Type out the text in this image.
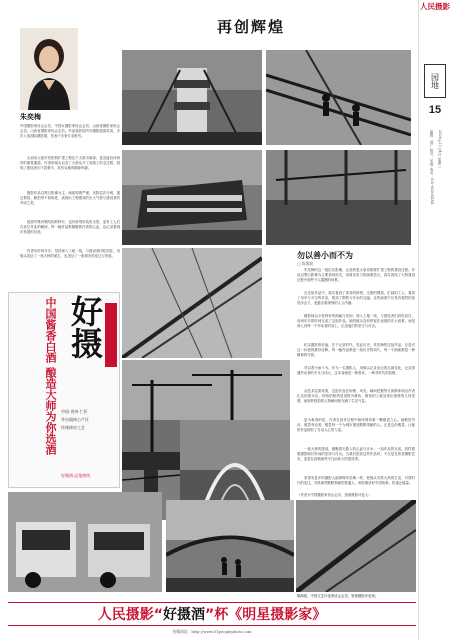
人民摄影
园地
15
2020年11月4日 星期三
编辑：邵广 校对：吴海 电话：010-6536XXXX
再创辉煌
朱奕梅
中国摄影家协会会员、中国女摄影家协会会员、山西省摄影家协会会员、山西省摄影家协会会员。作品曾获国内外摄影展赛奖项，多次入选国际摄影展，发表于多家专业报刊。
山西省太原市晋阳桥扩建工程位于太原市南部，是连接汾河两岸的重要通道。作者用镜头记录了大桥从开工到竣工的全过程，展现了建设者们不畏艰辛、攻坚克难的精神风貌。
摄影作品以黑白影像为主，画面构图严谨，光影层次分明，通过仰拍、俯拍等不同角度，表现出工程建设的宏大气势与建设者的劳动之美。
组照中既有钢结构的特写，也有桥塔吊装的全景，更有工人们在高空作业的瞬间，每一幅作品都凝聚着作者的心血，也记录着城市发展的足迹。
作者历时两年多，坚持深入工地一线，与建设者同吃同住，用镜头见证了一座大桥的诞生，也见证了一座城市的变迁与发展。
中国酱香白酒 酿造大师为你选酒 好摄
中国·贵州·仁怀
茅台镇核心产区
传统坤沙工艺
好摄酒·品鉴热线
勿以善小而不为
□ 陈海波
朱奕梅的这一组纪实影像，记录的是太原晋阳桥扩建工程的建设过程。作品以黑白影像为主要表现形式，用简洁有力的画面语言，真实再现了大桥建设过程中那些令人震撼的场景。
在这组作品中，我们看到了高耸的桥塔、交错的钢梁、忙碌的工人，看到了吊车与天空的对话，看到了钢铁与汗水的交融。这些画面不仅具有强烈的视觉冲击力，更蕴含着深刻的人文内涵。
摄影师以女性特有的细腻与坚韧，深入工地一线，与建设者们同吃同住，用两年多的时间完成了这组作品。她的镜头没有停留在表面的宏大叙事，而是深入到每一个劳动者的身上，记录他们的坚守与付出。
纪实摄影的价值，在于记录时代、见证历史。朱奕梅的这组作品，正是对这一价值的最好诠释。每一幅作品都是一段历史的切片，每一个画面都是一种精神的写照。
勿以善小而不为。作为一名摄影人，用镜头记录身边的点滴变化，记录普通劳动者的平凡与伟大，这本身就是一种善举，一种对时代的致敬。
从技术层面来看，这组作品在构图、用光、瞬间把握等方面都体现出作者扎实的基本功。仰拍的桥塔显得格外雄伟，俯拍的工地呈现出独特的几何美感，而那些抓拍的人物瞬间则充满了生活气息。
更为难得的是，作者在创作过程中始终保持着一颗敬畏之心。她敬畏劳动，敬畏劳动者，敬畏每一个为城市建设默默奉献的人。正是这份敬畏，让她的作品拥有了打动人心的力量。
一座大桥的建成，凝聚着无数人的心血与汗水；一组作品的完成，同样需要摄影师长时间的坚持与付出。当我们欣赏这些作品时，不仅是在欣赏摄影艺术，更是在致敬那些平凡而伟大的建设者。
希望有更多的摄影人能够像朱奕梅一样，把镜头对准火热的生活，对准时代的变迁，对准那些默默奉献的普通人，用影像讲好中国故事，传递正能量。
（作者为中国摄影家协会会员、资深摄影评论人）
陈海波，中国文艺评论家协会会员，资深摄影评论家。
人民摄影“ 好摄酒 ”杯《明星摄影家》
投稿网址：http://www.51peoplephoto.com
